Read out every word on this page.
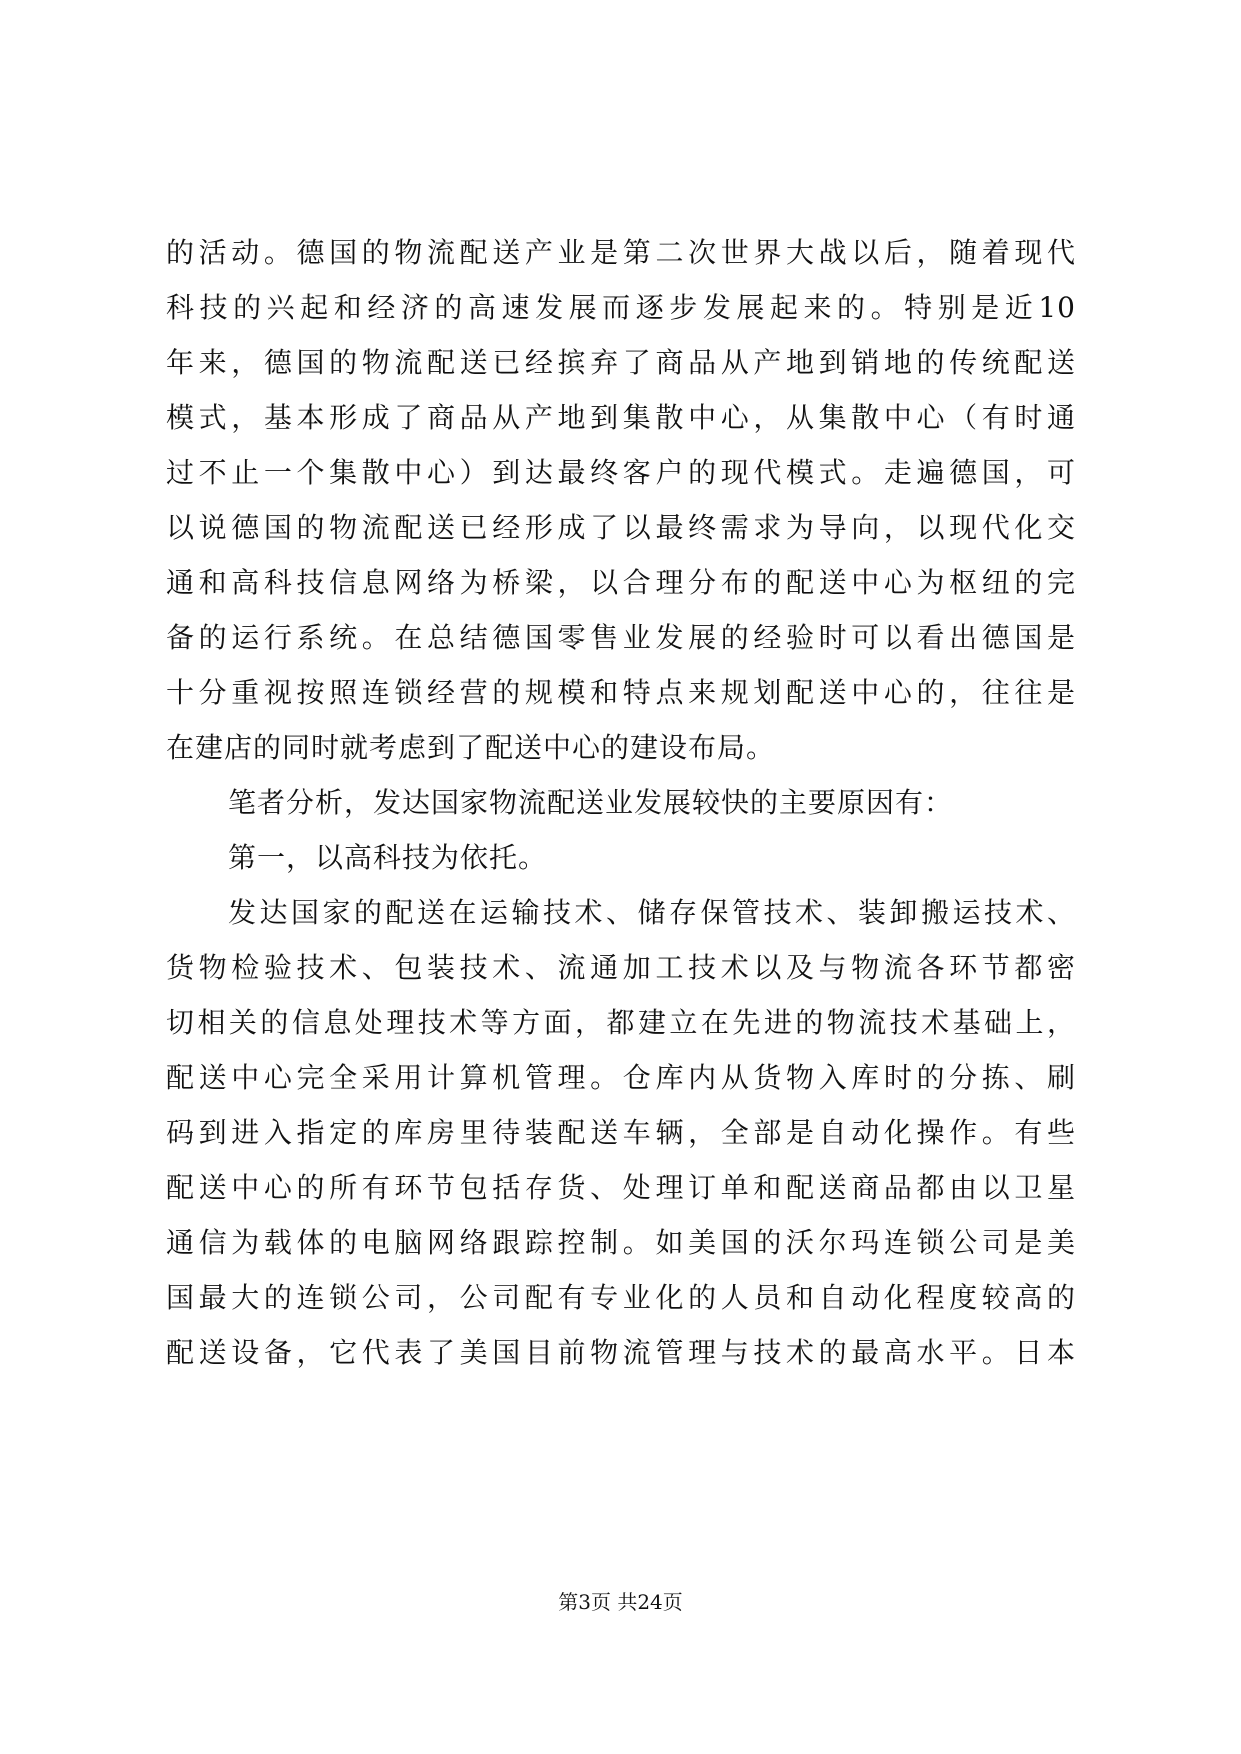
的活动。德国的物流配送产业是第二次世界大战以后，随着现代
科技的兴起和经济的高速发展而逐步发展起来的。特别是近10
年来，德国的物流配送已经摈弃了商品从产地到销地的传统配送
模式，基本形成了商品从产地到集散中心，从集散中心（有时通
过不止一个集散中心）到达最终客户的现代模式。走遍德国，可
以说德国的物流配送已经形成了以最终需求为导向，以现代化交
通和高科技信息网络为桥梁，以合理分布的配送中心为枢纽的完
备的运行系统。在总结德国零售业发展的经验时可以看出德国是
十分重视按照连锁经营的规模和特点来规划配送中心的，往往是
在建店的同时就考虑到了配送中心的建设布局。
笔者分析，发达国家物流配送业发展较快的主要原因有：
第一，以高科技为依托。
发达国家的配送在运输技术、储存保管技术、装卸搬运技术、
货物检验技术、包装技术、流通加工技术以及与物流各环节都密
切相关的信息处理技术等方面，都建立在先进的物流技术基础上，
配送中心完全采用计算机管理。仓库内从货物入库时的分拣、刷
码到进入指定的库房里待装配送车辆，全部是自动化操作。有些
配送中心的所有环节包括存货、处理订单和配送商品都由以卫星
通信为载体的电脑网络跟踪控制。如美国的沃尔玛连锁公司是美
国最大的连锁公司，公司配有专业化的人员和自动化程度较高的
配送设备，它代表了美国目前物流管理与技术的最高水平。日本
第3页 共24页
